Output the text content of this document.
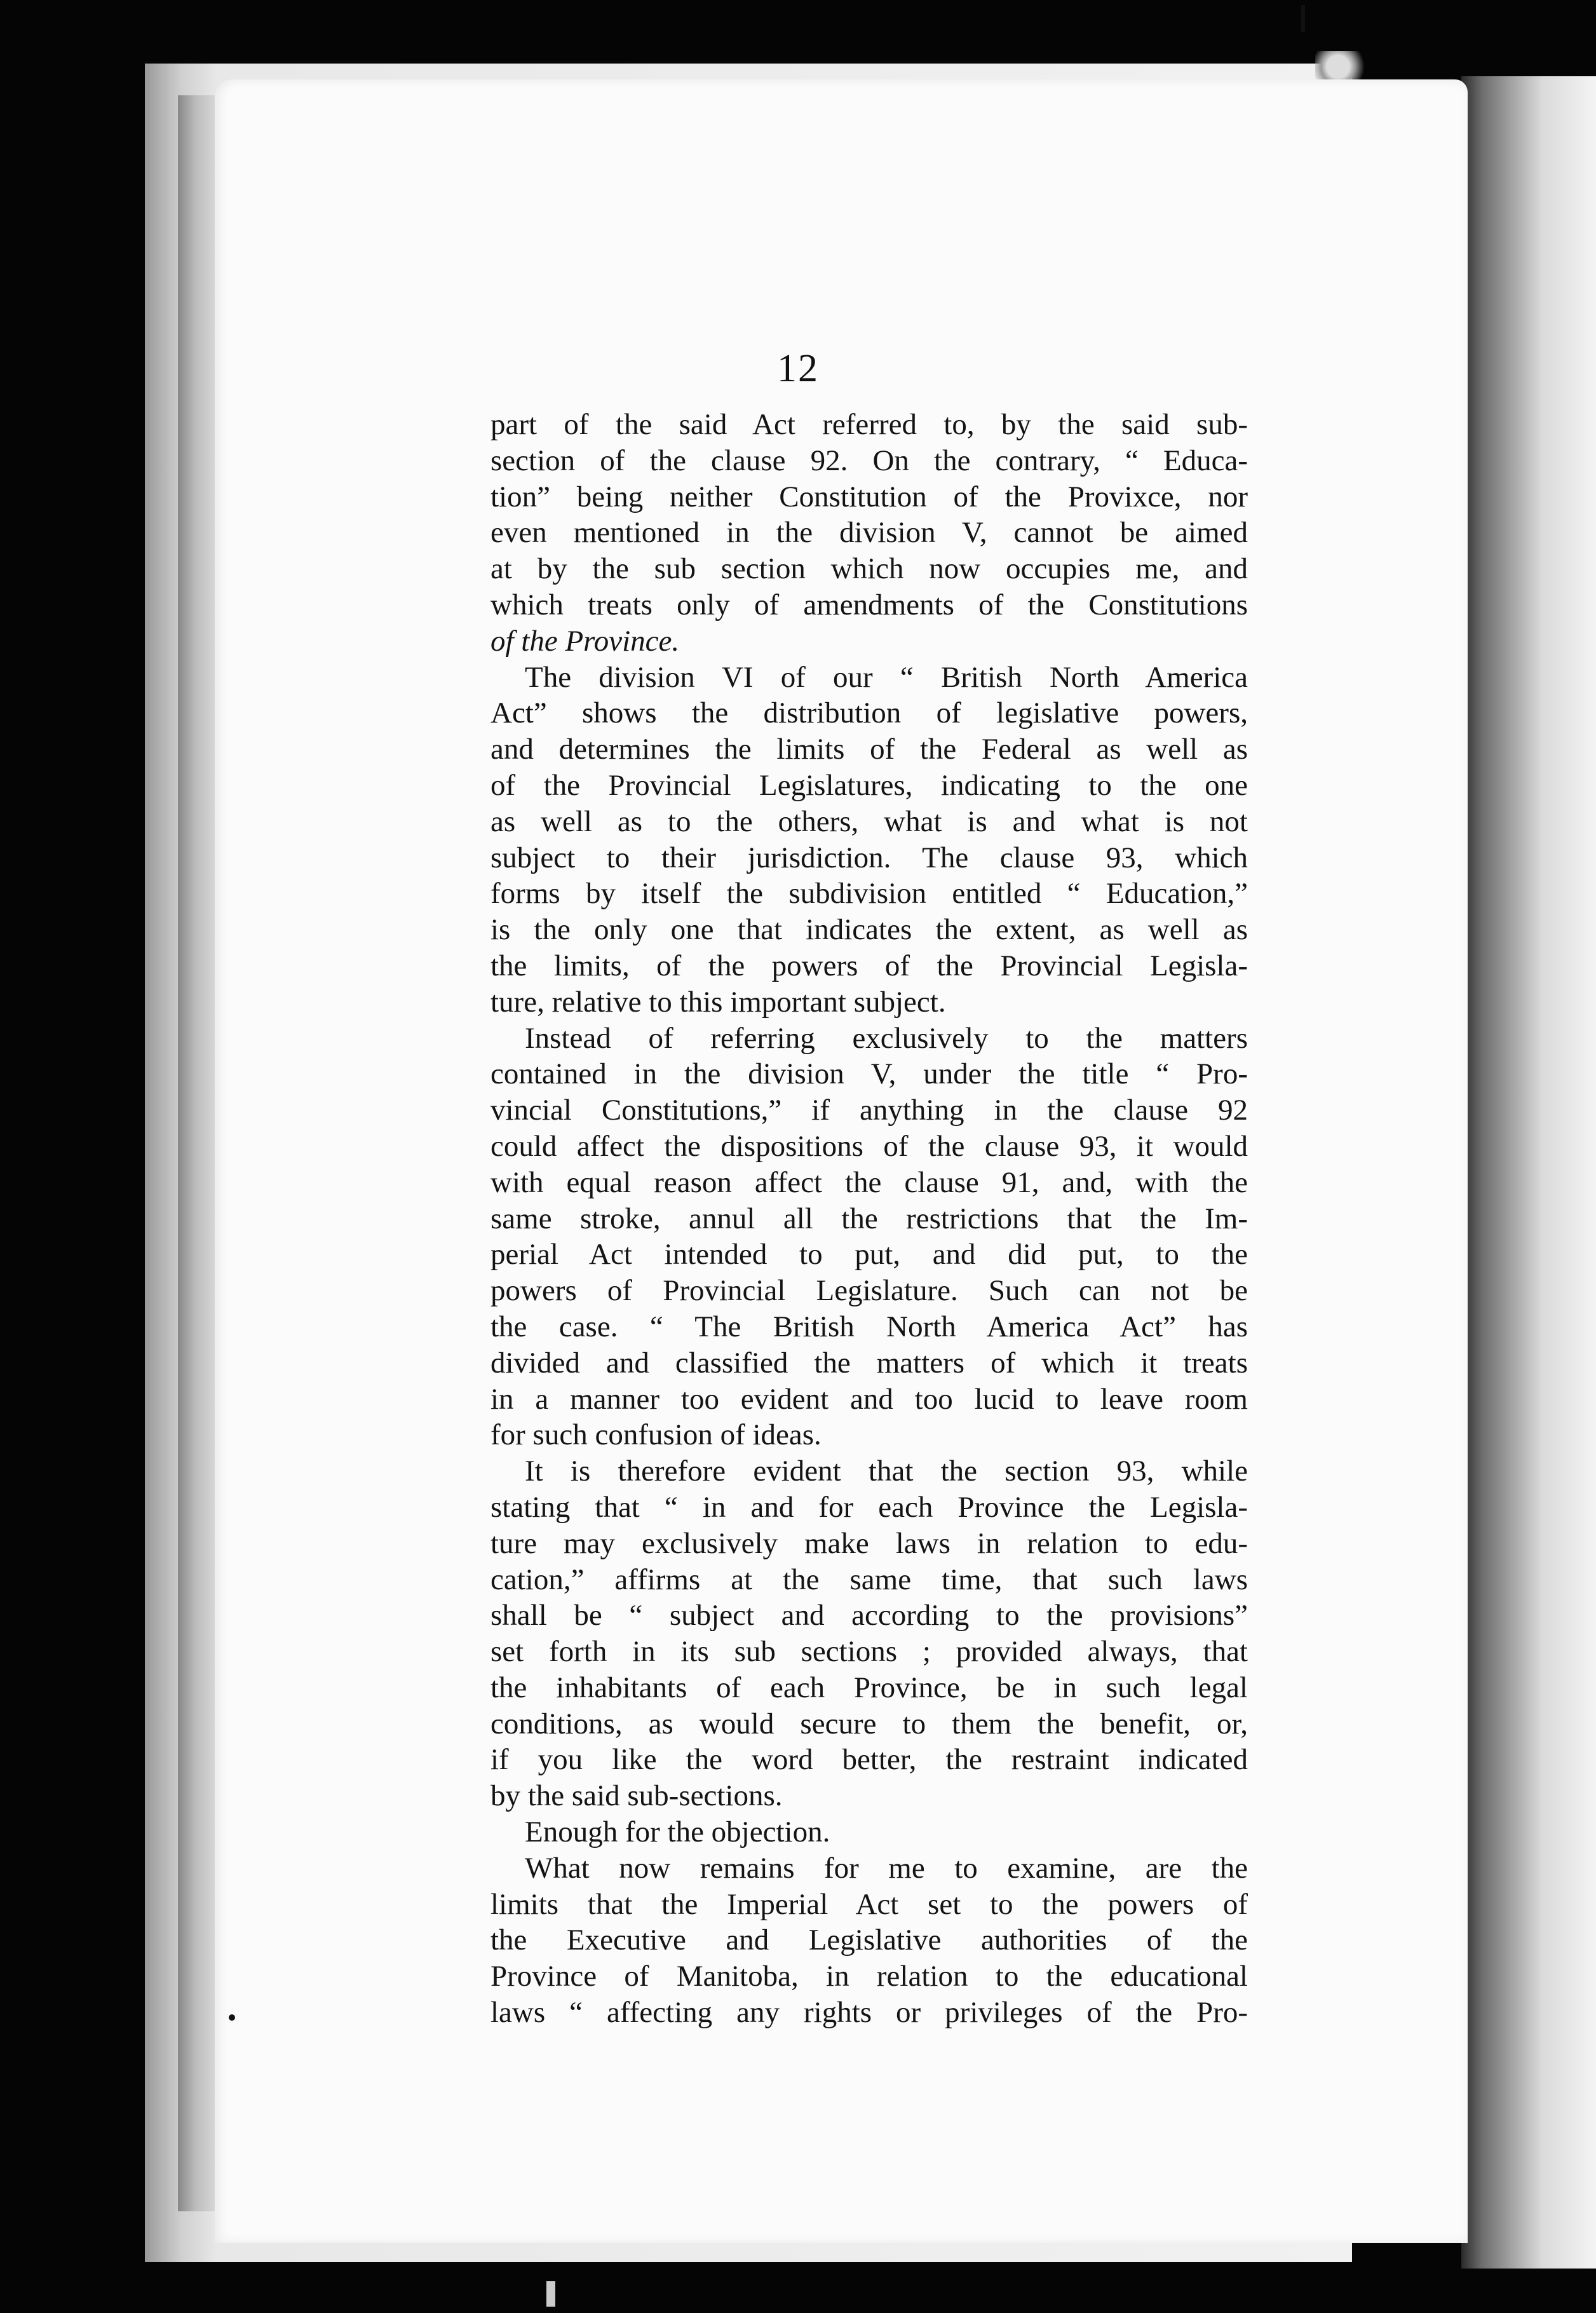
12
part of the said Act referred to, by the said sub-
section of the clause 92. On the contrary, “ Educa-
tion” being neither Constitution of the Provixce, nor
even mentioned in the division V, cannot be aimed
at by the sub section which now occupies me, and
which treats only of amendments of the Constitutions
of the Province.
The division VI of our “ British North America
Act” shows the distribution of legislative powers,
and determines the limits of the Federal as well as
of the Provincial Legislatures, indicating to the one
as well as to the others, what is and what is not
subject to their jurisdiction. The clause 93, which
forms by itself the subdivision entitled “ Education,”
is the only one that indicates the extent, as well as
the limits, of the powers of the Provincial Legisla-
ture, relative to this important subject.
Instead of referring exclusively to the matters
contained in the division V, under the title “ Pro-
vincial Constitutions,” if anything in the clause 92
could affect the dispositions of the clause 93, it would
with equal reason affect the clause 91, and, with the
same stroke, annul all the restrictions that the Im-
perial Act intended to put, and did put, to the
powers of Provincial Legislature. Such can not be
the case. “ The British North America Act” has
divided and classified the matters of which it treats
in a manner too evident and too lucid to leave room
for such confusion of ideas.
It is therefore evident that the section 93, while
stating that “ in and for each Province the Legisla-
ture may exclusively make laws in relation to edu-
cation,” affirms at the same time, that such laws
shall be “ subject and according to the provisions”
set forth in its sub sections ; provided always, that
the inhabitants of each Province, be in such legal
conditions, as would secure to them the benefit, or,
if you like the word better, the restraint indicated
by the said sub-sections.
Enough for the objection.
What now remains for me to examine, are the
limits that the Imperial Act set to the powers of
the Executive and Legislative authorities of the
Province of Manitoba, in relation to the educational
laws “ affecting any rights or privileges of the Pro-
